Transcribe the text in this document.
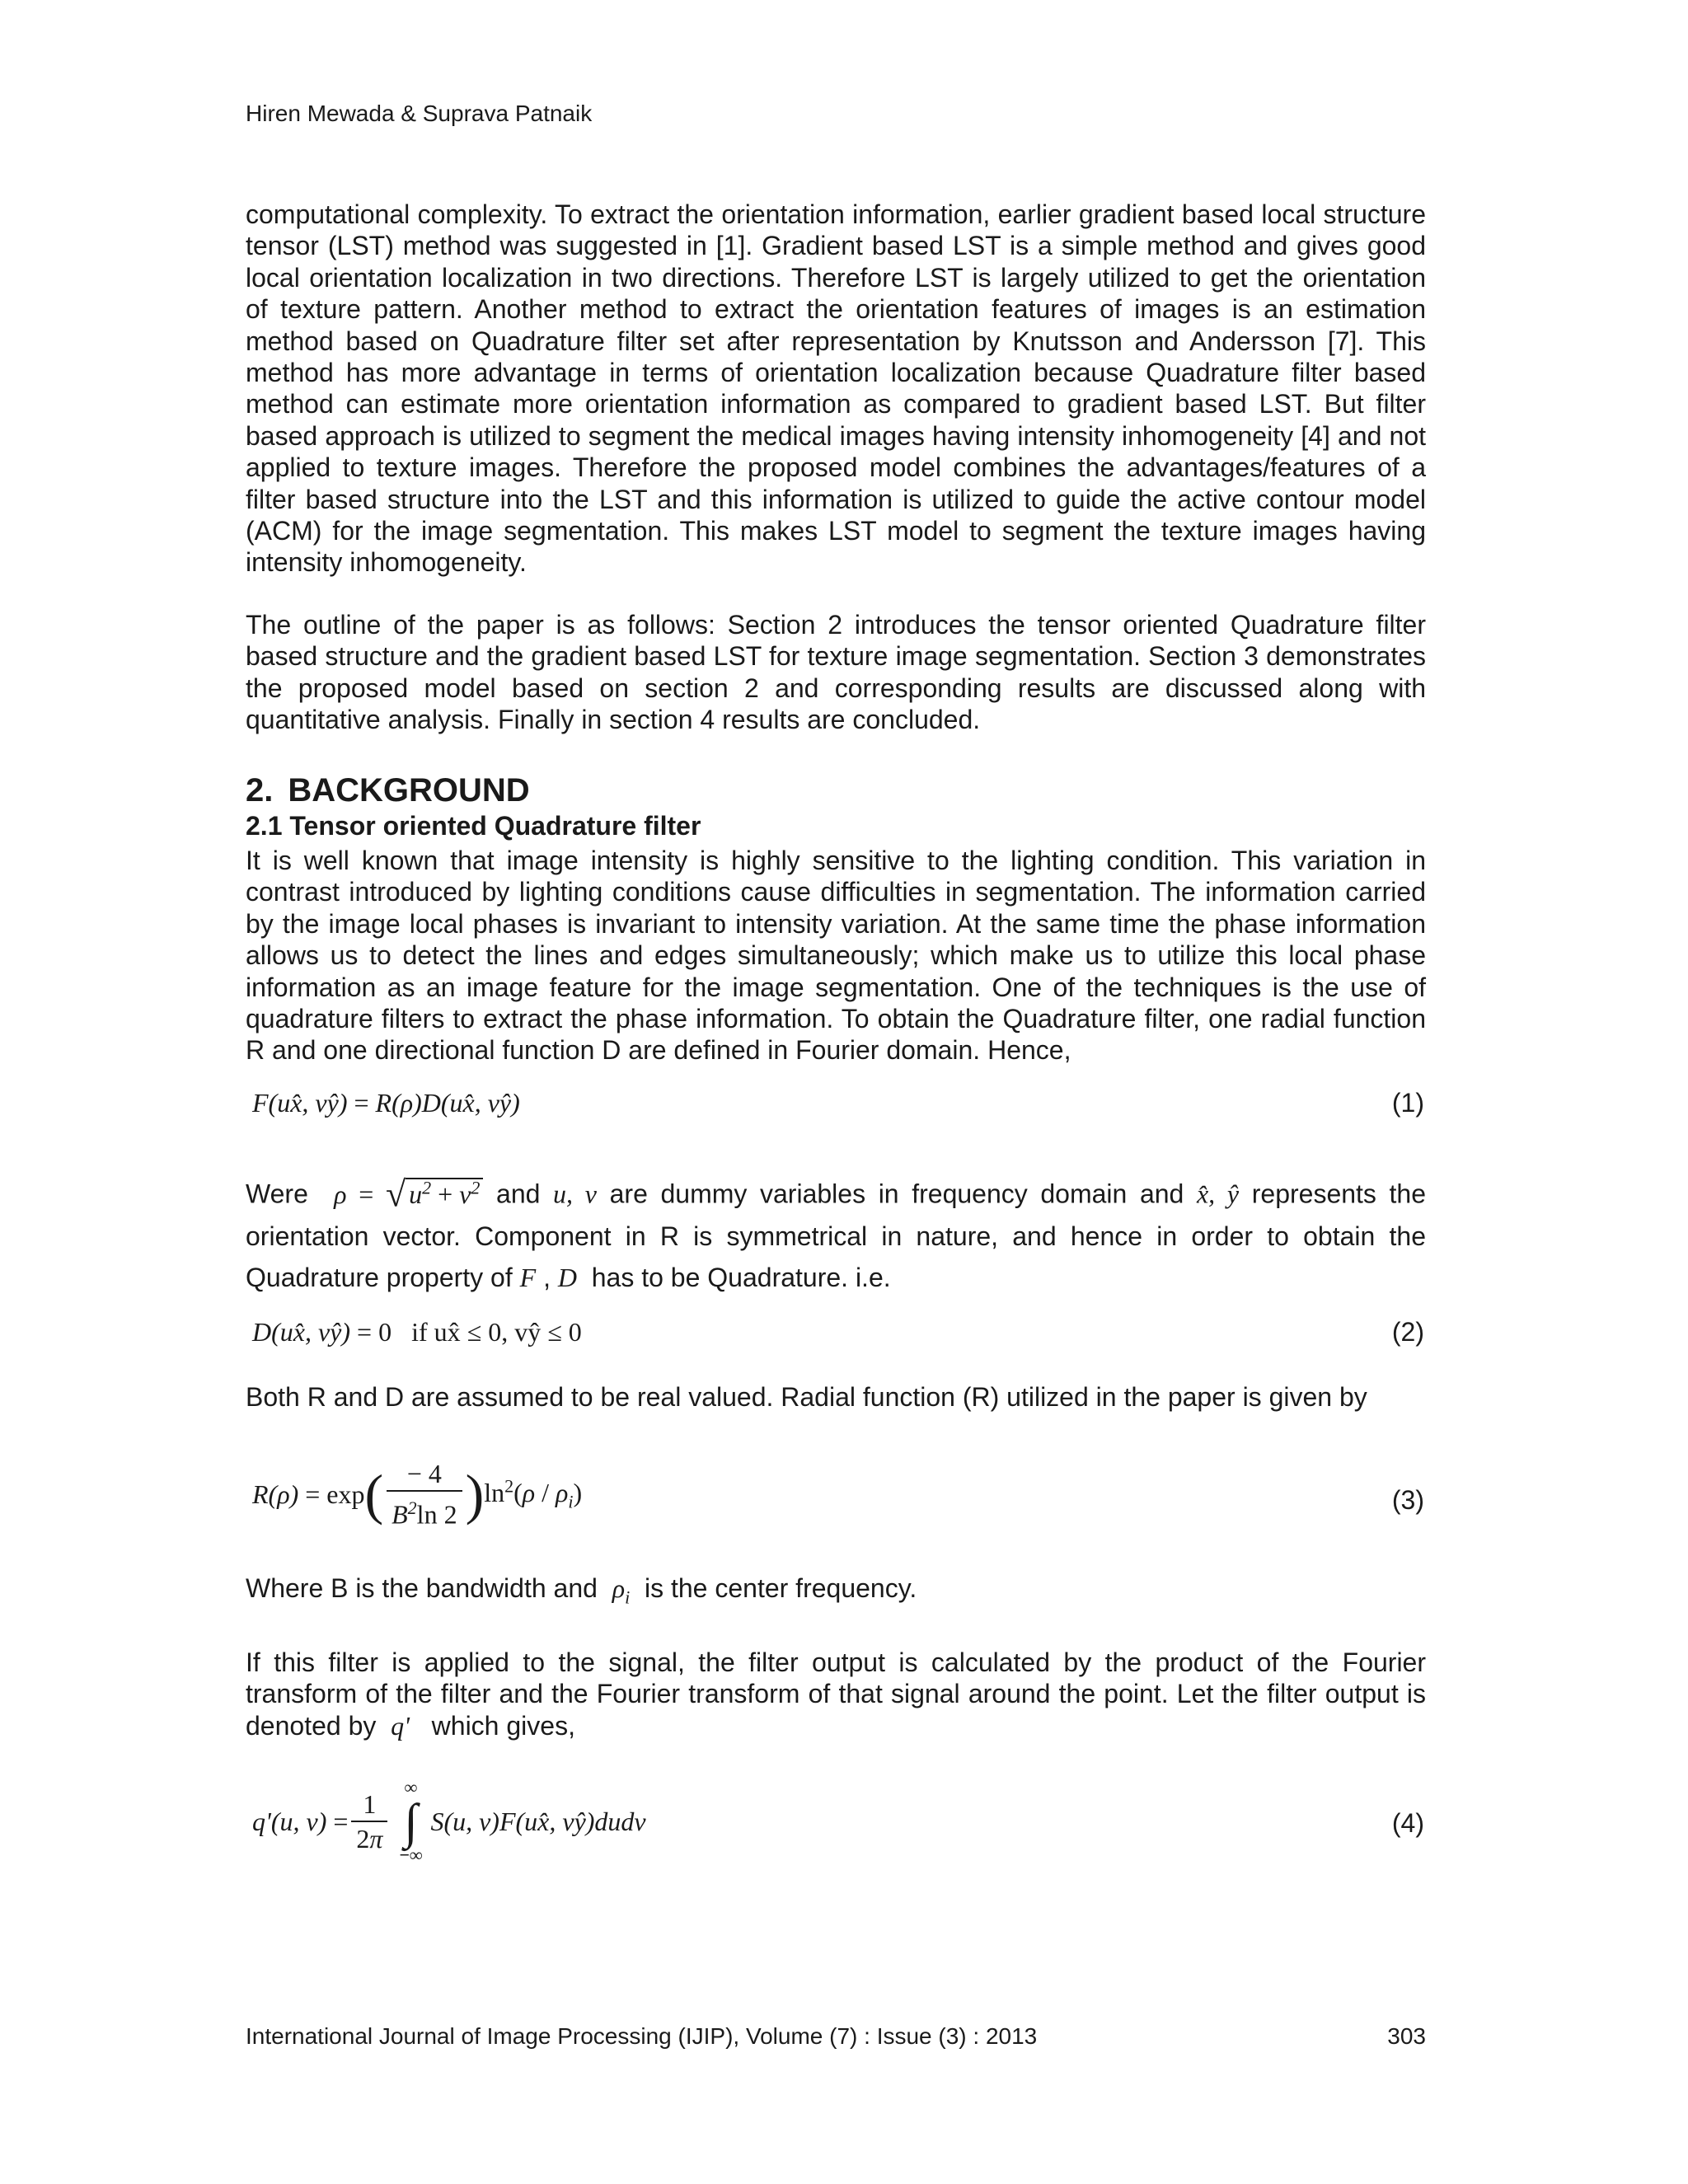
Hiren Mewada & Suprava Patnaik

computational complexity. To extract the orientation information, earlier gradient based local structure tensor (LST) method was suggested in [1]. Gradient based LST is a simple method and gives good local orientation localization in two directions. Therefore LST is largely utilized to get the orientation of texture pattern. Another method to extract the orientation features of images is an estimation method based on Quadrature filter set after representation by Knutsson and Andersson [7]. This method has more advantage in terms of orientation localization because Quadrature filter based method can estimate more orientation information as compared to gradient based LST. But filter based approach is utilized to segment the medical images having intensity inhomogeneity [4] and not applied to texture images. Therefore the proposed model combines the advantages/features of a filter based structure into the LST and this information is utilized to guide the active contour model (ACM) for the image segmentation. This makes LST model to segment the texture images having intensity inhomogeneity.

The outline of the paper is as follows: Section 2 introduces the tensor oriented Quadrature filter based structure and the gradient based LST for texture image segmentation. Section 3 demonstrates the proposed model based on section 2 and corresponding results are discussed along with quantitative analysis. Finally in section 4 results are concluded.

2. BACKGROUND
2.1 Tensor oriented Quadrature filter

It is well known that image intensity is highly sensitive to the lighting condition. This variation in contrast introduced by lighting conditions cause difficulties in segmentation. The information carried by the image local phases is invariant to intensity variation. At the same time the phase information allows us to detect the lines and edges simultaneously; which make us to utilize this local phase information as an image feature for the image segmentation. One of the techniques is the use of quadrature filters to extract the phase information. To obtain the Quadrature filter, one radial function R and one directional function D are defined in Fourier domain. Hence,

F(ux̂, vŷ) = R(ρ)D(ux̂, vŷ)	(1)

Were ρ = √ $u^2 + v^2$ and u, v are dummy variables in frequency domain and x̂, ŷ represents the orientation vector. Component in R is symmetrical in nature, and hence in order to obtain the Quadrature property of F , D has to be Quadrature. i.e.

D(ux̂, vŷ) = 0   if ux̂ ≤ 0, vŷ ≤ 0	(2)

Both R and D are assumed to be real valued. Radial function (R) utilized in the paper is given by

$R(\rho) = \exp( \frac{- 4}{B^2\ln 2} )\ln^2(\rho / \rho_i)$	(3)

Where B is the bandwidth and $\rho_i$ is the center frequency.

If this filter is applied to the signal, the filter output is calculated by the product of the Fourier transform of the filter and the Fourier transform of that signal around the point. Let the filter output is denoted by q' which gives,

q'(u, $v) = \frac{1}{2\pi}$
∞
∫
−∞
S(u, v)F(ux̂, vŷ)dudv	(4)
International Journal of Image Processing (IJIP), Volume (7) : Issue (3) : 2013	303
